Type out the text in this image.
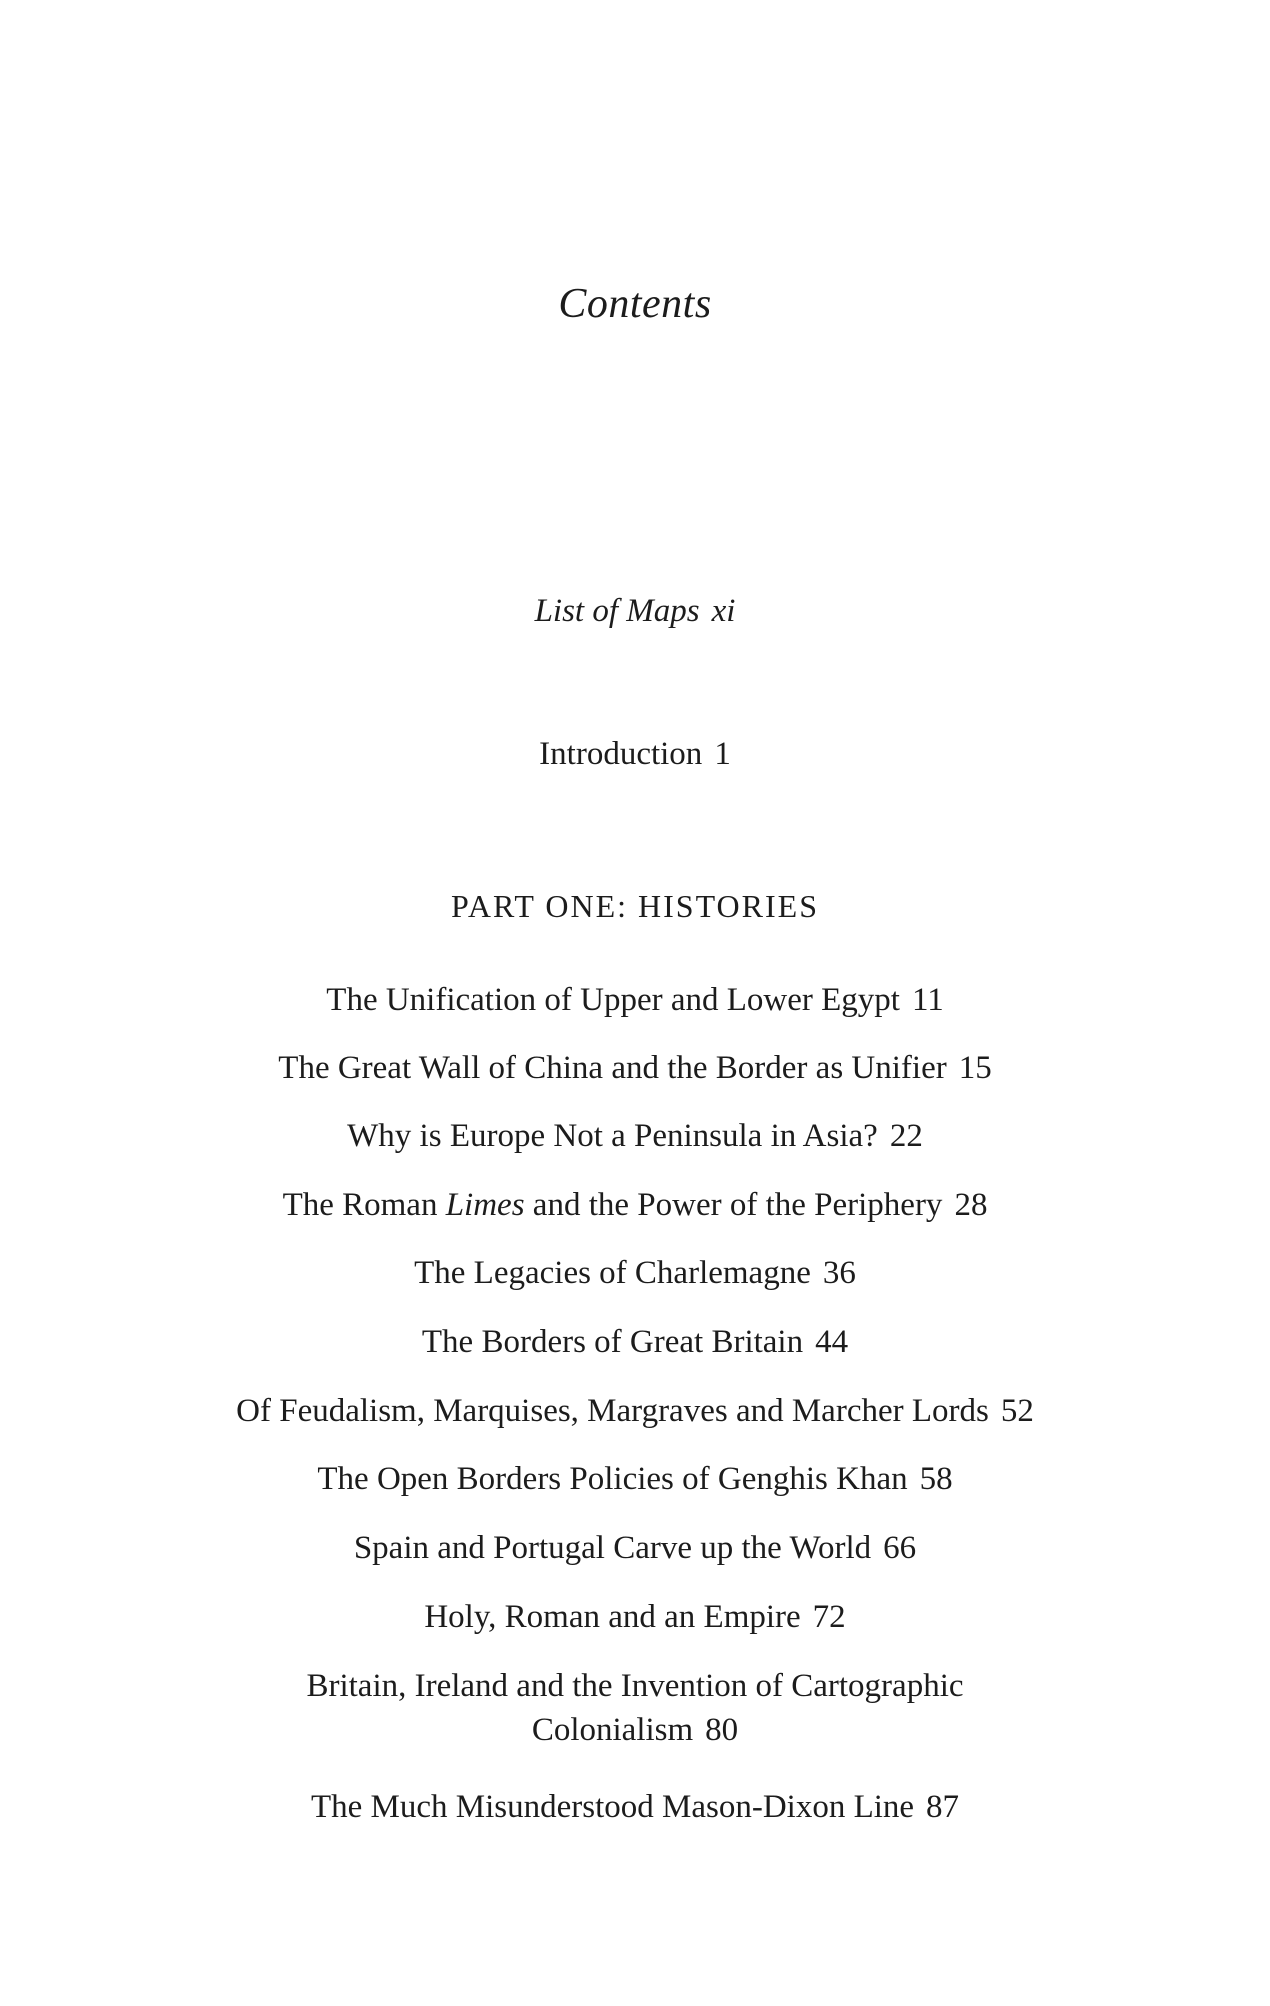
Contents
List of Maps xi
Introduction 1
PART ONE: HISTORIES
The Unification of Upper and Lower Egypt 11
The Great Wall of China and the Border as Unifier 15
Why is Europe Not a Peninsula in Asia? 22
The Roman Limes and the Power of the Periphery 28
The Legacies of Charlemagne 36
The Borders of Great Britain 44
Of Feudalism, Marquises, Margraves and Marcher Lords 52
The Open Borders Policies of Genghis Khan 58
Spain and Portugal Carve up the World 66
Holy, Roman and an Empire 72
Britain, Ireland and the Invention of Cartographic
Colonialism 80
The Much Misunderstood Mason-Dixon Line 87
